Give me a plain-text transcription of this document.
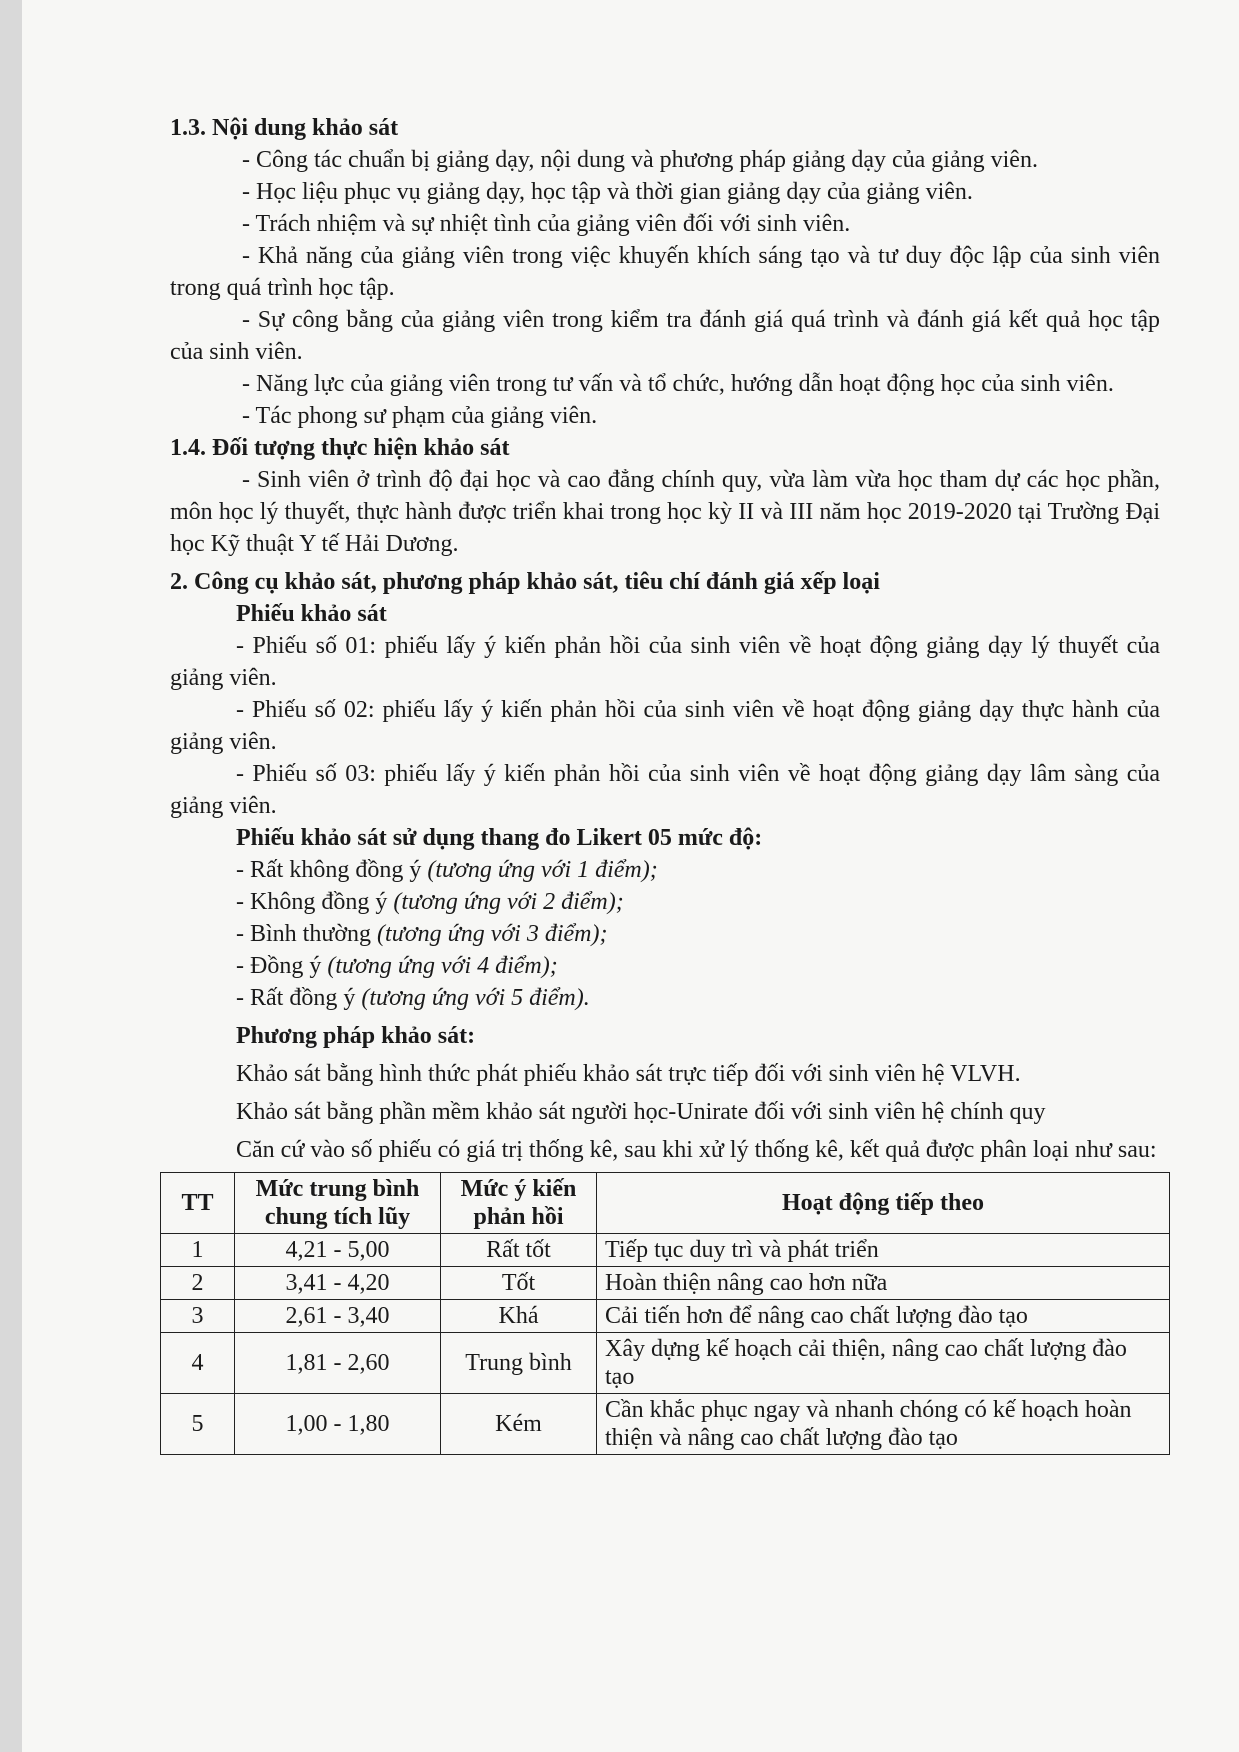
1.3. Nội dung khảo sát

- Công tác chuẩn bị giảng dạy, nội dung và phương pháp giảng dạy của giảng viên.

- Học liệu phục vụ giảng dạy, học tập và thời gian giảng dạy của giảng viên.

- Trách nhiệm và sự nhiệt tình của giảng viên đối với sinh viên.

- Khả năng của giảng viên trong việc khuyến khích sáng tạo và tư duy độc lập của sinh viên trong quá trình học tập.

- Sự công bằng của giảng viên trong kiểm tra đánh giá quá trình và đánh giá kết quả học tập của sinh viên.

- Năng lực của giảng viên trong tư vấn và tổ chức, hướng dẫn hoạt động học của sinh viên.

- Tác phong sư phạm của giảng viên.

1.4. Đối tượng thực hiện khảo sát

- Sinh viên ở trình độ đại học và cao đẳng chính quy, vừa làm vừa học tham dự các học phần, môn học lý thuyết, thực hành được triển khai trong học kỳ II và III năm học 2019-2020 tại Trường Đại học Kỹ thuật Y tế Hải Dương.

2. Công cụ khảo sát, phương pháp khảo sát, tiêu chí đánh giá xếp loại

Phiếu khảo sát

- Phiếu số 01: phiếu lấy ý kiến phản hồi của sinh viên về hoạt động giảng dạy lý thuyết của giảng viên.

- Phiếu số 02: phiếu lấy ý kiến phản hồi của sinh viên về hoạt động giảng dạy thực hành của giảng viên.

- Phiếu số 03: phiếu lấy ý kiến phản hồi của sinh viên về hoạt động giảng dạy lâm sàng của giảng viên.

Phiếu khảo sát sử dụng thang đo Likert 05 mức độ:

- Rất không đồng ý (tương ứng với 1 điểm);

- Không đồng ý (tương ứng với 2 điểm);

- Bình thường (tương ứng với 3 điểm);

- Đồng ý (tương ứng với 4 điểm);

- Rất đồng ý (tương ứng với 5 điểm).

Phương pháp khảo sát:

Khảo sát bằng hình thức phát phiếu khảo sát trực tiếp đối với sinh viên hệ VLVH.

Khảo sát bằng phần mềm khảo sát người học-Unirate đối với sinh viên hệ chính quy

Căn cứ vào số phiếu có giá trị thống kê, sau khi xử lý thống kê, kết quả được phân loại như sau:

TT	Mức trung bình chung tích lũy	Mức ý kiến phản hồi	Hoạt động tiếp theo
1	4,21 - 5,00	Rất tốt	Tiếp tục duy trì và phát triển
2	3,41 - 4,20	Tốt	Hoàn thiện nâng cao hơn nữa
3	2,61 - 3,40	Khá	Cải tiến hơn để nâng cao chất lượng đào tạo
4	1,81 - 2,60	Trung bình	Xây dựng kế hoạch cải thiện, nâng cao chất lượng đào tạo
5	1,00 - 1,80	Kém	Cần khắc phục ngay và nhanh chóng có kế hoạch hoàn thiện và nâng cao chất lượng đào tạo
